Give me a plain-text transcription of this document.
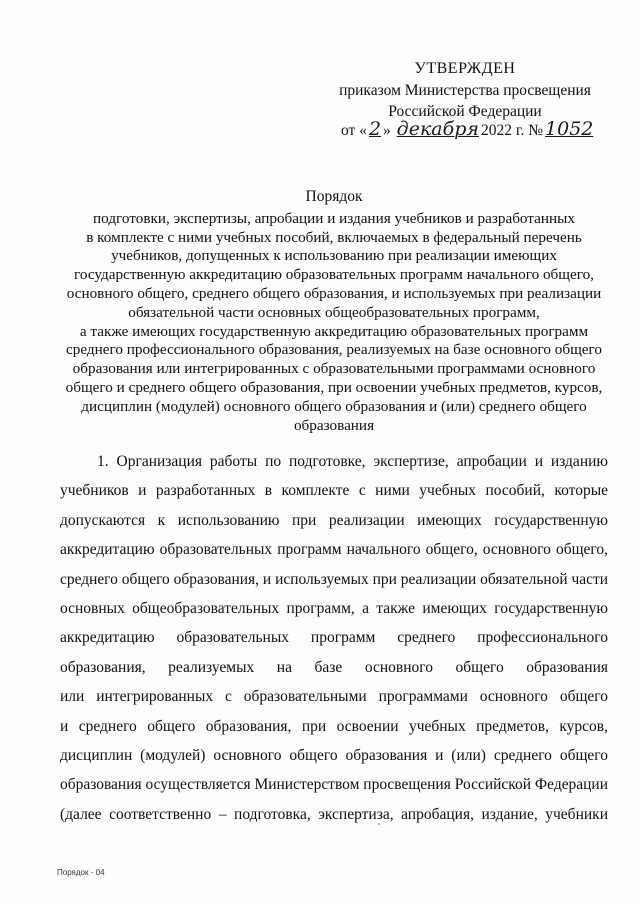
УТВЕРЖДЕН
приказом Министерства просвещения
Российской Федерации
от « 2 » декабря 2022 г. № 1052
Порядок
подготовки, экспертизы, апробации и издания учебников и разработанных
в комплекте с ними учебных пособий, включаемых в федеральный перечень
учебников, допущенных к использованию при реализации имеющих
государственную аккредитацию образовательных программ начального общего,
основного общего, среднего общего образования, и используемых при реализации
обязательной части основных общеобразовательных программ,
а также имеющих государственную аккредитацию образовательных программ
среднего профессионального образования, реализуемых на базе основного общего
образования или интегрированных с образовательными программами основного
общего и среднего общего образования, при освоении учебных предметов, курсов,
дисциплин (модулей) основного общего образования и (или) среднего общего
образования
1. Организация работы по подготовке, экспертизе, апробации и изданию
учебников и разработанных в комплекте с ними учебных пособий, которые
допускаются к использованию при реализации имеющих государственную
аккредитацию образовательных программ начального общего, основного общего,
среднего общего образования, и используемых при реализации обязательной части
основных общеобразовательных программ, а также имеющих государственную
аккредитацию образовательных программ среднего профессионального
образования, реализуемых на базе основного общего образования
или интегрированных с образовательными программами основного общего
и среднего общего образования, при освоении учебных предметов, курсов,
дисциплин (модулей) основного общего образования и (или) среднего общего
образования осуществляется Министерством просвещения Российской Федерации
(далее соответственно – подготовка, экспертиза, апробация, издание, учебники
Порядок - 04
